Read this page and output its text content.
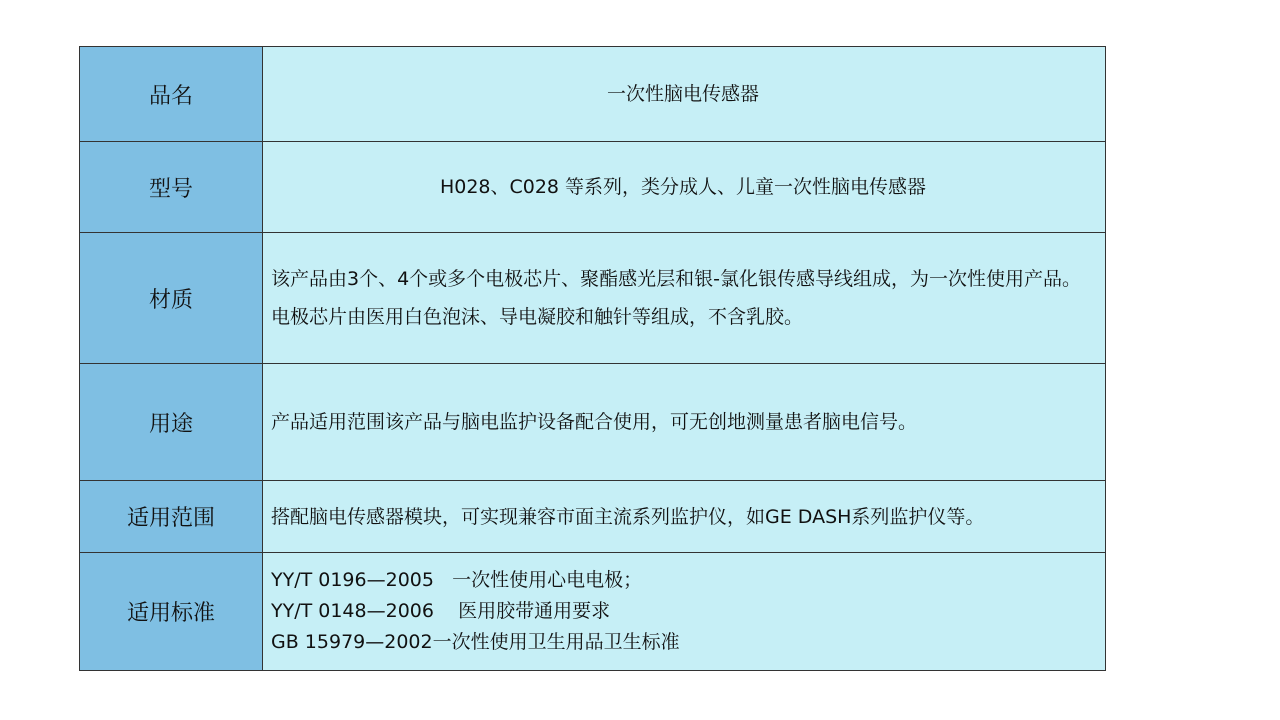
品名	一次性脑电传感器
型号	H028、C028 等系列，类分成人、儿童一次性脑电传感器
材质	该产品由3个、4个或多个电极芯片、聚酯感光层和银-氯化银传感导线组成，为一次性使用产品。电极芯片由医用白色泡沫、导电凝胶和触针等组成，不含乳胶。
用途	产品适用范围该产品与脑电监护设备配合使用，可无创地测量患者脑电信号。
适用范围	搭配脑电传感器模块，可实现兼容市面主流系列监护仪，如GE DASH系列监护仪等。
适用标准	YY/T 0196—2005   一次性使用心电电极；
YY/T 0148—2006    医用胶带通用要求
GB 15979—2002一次性使用卫生用品卫生标准
